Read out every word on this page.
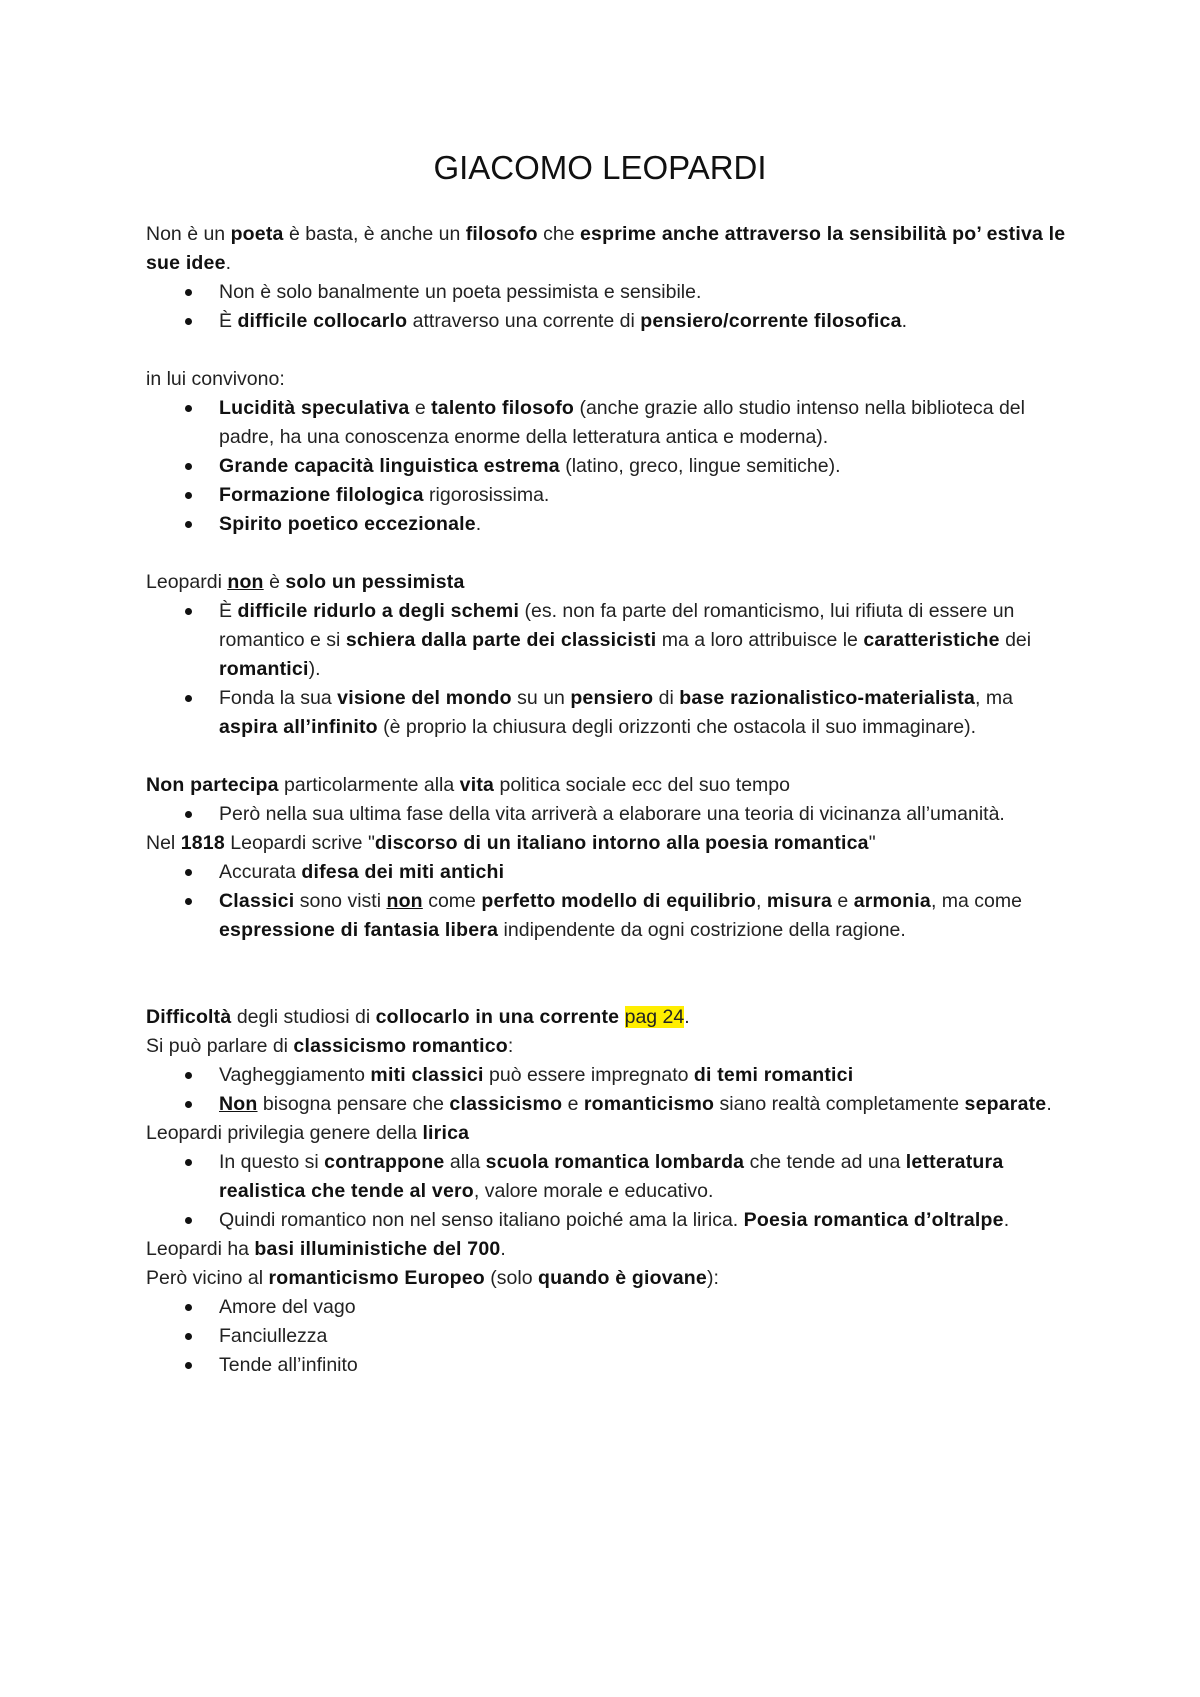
GIACOMO LEOPARDI

Non è un poeta è basta, è anche un filosofo che esprime anche attraverso la sensibilità po’ estiva le sue idee.

Non è solo banalmente un poeta pessimista e sensibile.
È difficile collocarlo attraverso una corrente di pensiero/corrente filosofica.

in lui convivono:

Lucidità speculativa e talento filosofo (anche grazie allo studio intenso nella biblioteca del padre, ha una conoscenza enorme della letteratura antica e moderna).
Grande capacità linguistica estrema (latino, greco, lingue semitiche).
Formazione filologica rigorosissima.
Spirito poetico eccezionale.

Leopardi non è solo un pessimista

È difficile ridurlo a degli schemi (es. non fa parte del romanticismo, lui rifiuta di essere un romantico e si schiera dalla parte dei classicisti ma a loro attribuisce le caratteristiche dei romantici).
Fonda la sua visione del mondo su un pensiero di base razionalistico-materialista, ma aspira all’infinito (è proprio la chiusura degli orizzonti che ostacola il suo immaginare).

Non partecipa particolarmente alla vita politica sociale ecc del suo tempo

Però nella sua ultima fase della vita arriverà a elaborare una teoria di vicinanza all’umanità.

Nel 1818 Leopardi scrive "discorso di un italiano intorno alla poesia romantica"

Accurata difesa dei miti antichi
Classici sono visti non come perfetto modello di equilibrio, misura e armonia, ma come espressione di fantasia libera indipendente da ogni costrizione della ragione.

Difficoltà degli studiosi di collocarlo in una corrente pag 24.

Si può parlare di classicismo romantico:

Vagheggiamento miti classici può essere impregnato di temi romantici
Non bisogna pensare che classicismo e romanticismo siano realtà completamente separate.

Leopardi privilegia genere della lirica

In questo si contrappone alla scuola romantica lombarda che tende ad una letteratura realistica che tende al vero, valore morale e educativo.
Quindi romantico non nel senso italiano poiché ama la lirica. Poesia romantica d’oltralpe.

Leopardi ha basi illuministiche del 700.

Però vicino al romanticismo Europeo (solo quando è giovane):

Amore del vago
Fanciullezza
Tende all’infinito
